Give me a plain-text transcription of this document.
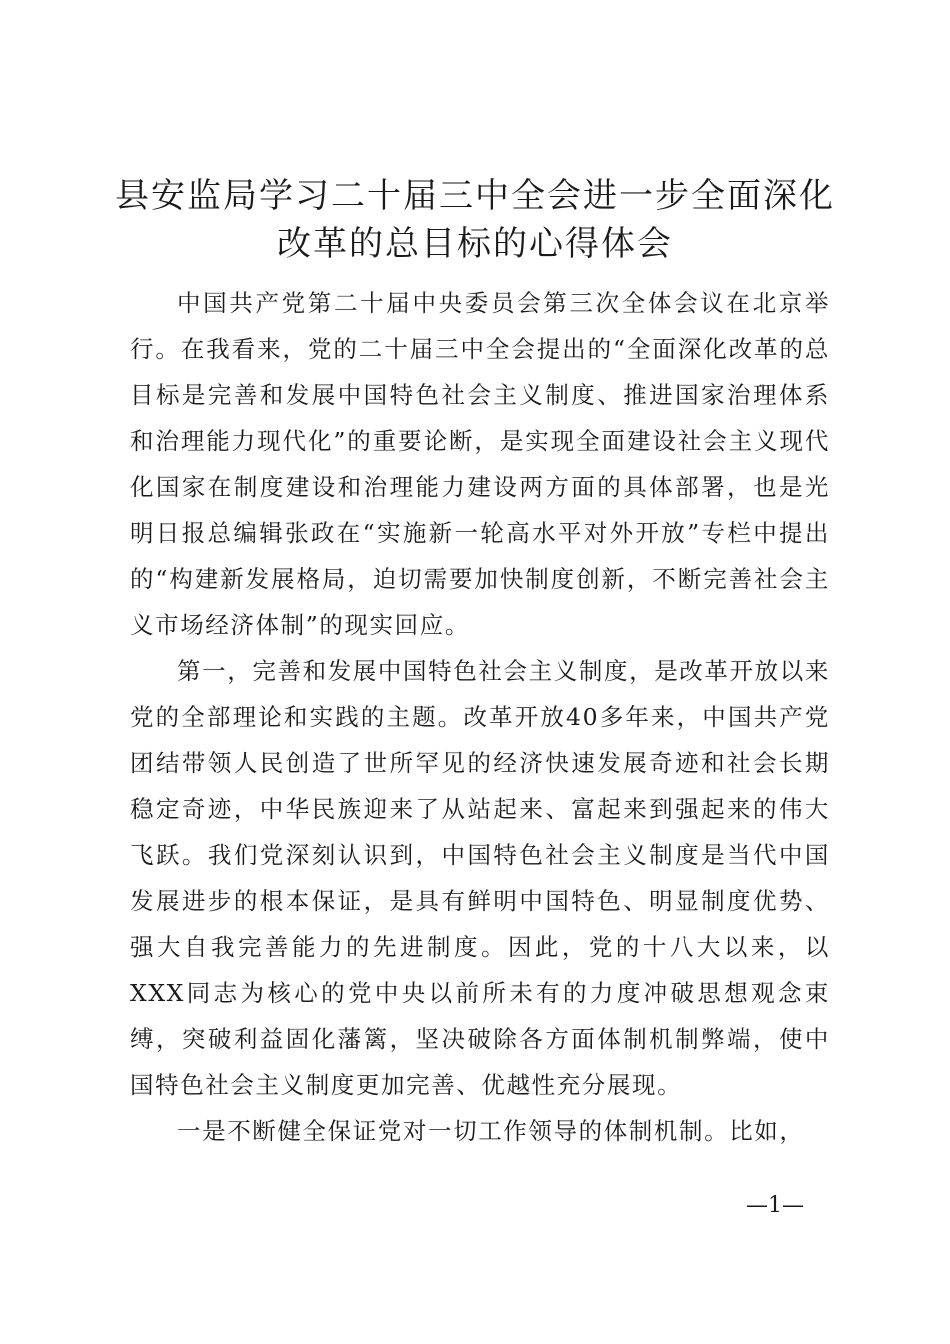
县安监局学习二十届三中全会进一步全面深化
改革的总目标的心得体会

中国共产党第二十届中央委员会第三次全体会议在北京举行。在我看来，党的二十届三中全会提出的“全面深化改革的总目标是完善和发展中国特色社会主义制度、推进国家治理体系和治理能力现代化”的重要论断，是实现全面建设社会主义现代化国家在制度建设和治理能力建设两方面的具体部署，也是光明日报总编辑张政在“实施新一轮高水平对外开放”专栏中提出的“构建新发展格局，迫切需要加快制度创新，不断完善社会主义市场经济体制”的现实回应。

第一，完善和发展中国特色社会主义制度，是改革开放以来党的全部理论和实践的主题。改革开放40多年来，中国共产党团结带领人民创造了世所罕见的经济快速发展奇迹和社会长期稳定奇迹，中华民族迎来了从站起来、富起来到强起来的伟大飞跃。我们党深刻认识到，中国特色社会主义制度是当代中国发展进步的根本保证，是具有鲜明中国特色、明显制度优势、强大自我完善能力的先进制度。因此，党的十八大以来，以XXX同志为核心的党中央以前所未有的力度冲破思想观念束缚，突破利益固化藩篱，坚决破除各方面体制机制弊端，使中国特色社会主义制度更加完善、优越性充分展现。

一是不断健全保证党对一切工作领导的体制机制。比如，

—1—
